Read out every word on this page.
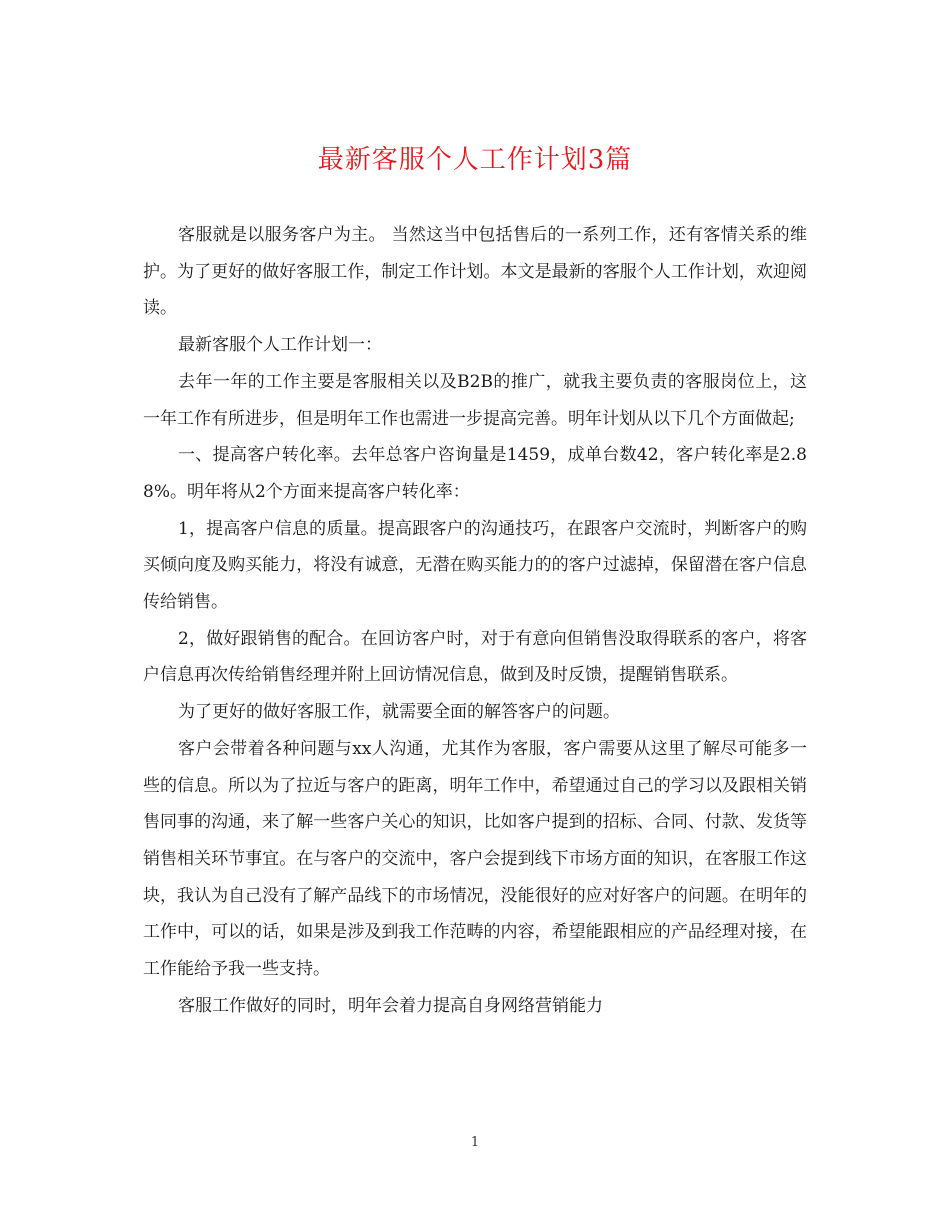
最新客服个人工作计划3篇

客服就是以服务客户为主。 当然这当中包括售后的一系列工作，还有客情关系的维护。为了更好的做好客服工作，制定工作计划。本文是最新的客服个人工作计划，欢迎阅读。

最新客服个人工作计划一：

去年一年的工作主要是客服相关以及B2B的推广，就我主要负责的客服岗位上，这一年工作有所进步，但是明年工作也需进一步提高完善。明年计划从以下几个方面做起;

一、提高客户转化率。去年总客户咨询量是1459，成单台数42，客户转化率是2.88%。明年将从2个方面来提高客户转化率：

1，提高客户信息的质量。提高跟客户的沟通技巧，在跟客户交流时，判断客户的购买倾向度及购买能力，将没有诚意，无潜在购买能力的的客户过滤掉，保留潜在客户信息传给销售。

2，做好跟销售的配合。在回访客户时，对于有意向但销售没取得联系的客户，将客户信息再次传给销售经理并附上回访情况信息，做到及时反馈，提醒销售联系。

为了更好的做好客服工作，就需要全面的解答客户的问题。

客户会带着各种问题与xx人沟通，尤其作为客服，客户需要从这里了解尽可能多一些的信息。所以为了拉近与客户的距离，明年工作中，希望通过自己的学习以及跟相关销售同事的沟通，来了解一些客户关心的知识，比如客户提到的招标、合同、付款、发货等销售相关环节事宜。在与客户的交流中，客户会提到线下市场方面的知识，在客服工作这块，我认为自己没有了解产品线下的市场情况，没能很好的应对好客户的问题。在明年的工作中，可以的话，如果是涉及到我工作范畴的内容，希望能跟相应的产品经理对接，在工作能给予我一些支持。

客服工作做好的同时，明年会着力提高自身网络营销能力

1
